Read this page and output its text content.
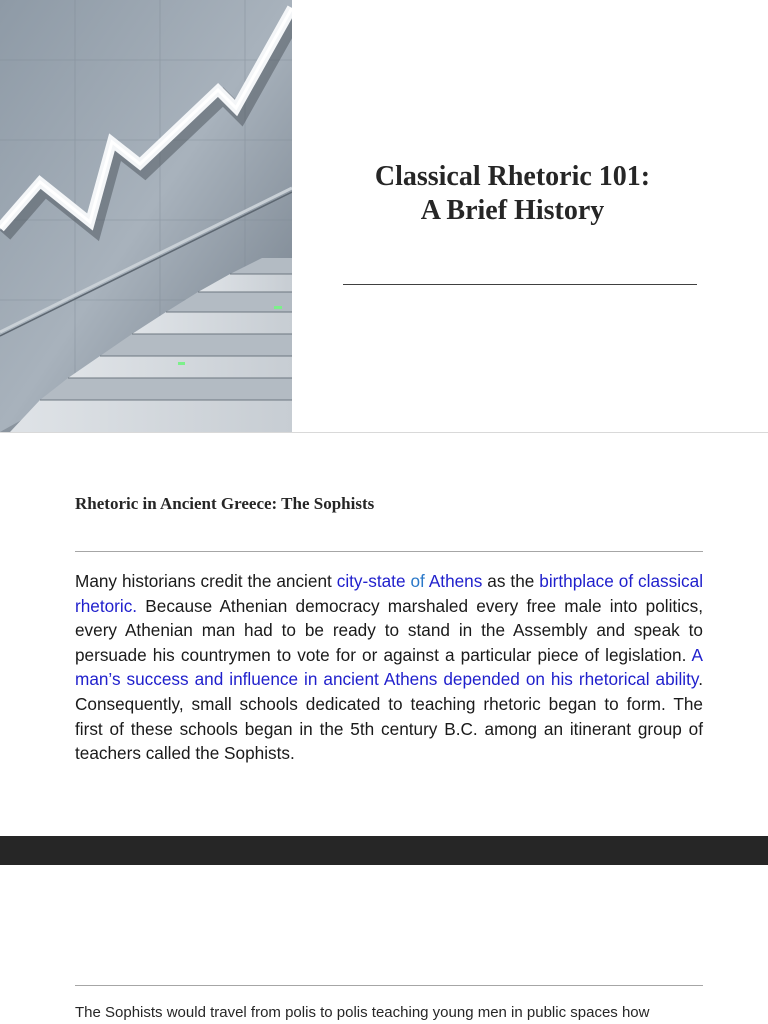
Classical Rhetoric 101:
A Brief History
Rhetoric in Ancient Greece: The Sophists

Many historians credit the ancient city-state of Athens as the birthplace of classical rhetoric. Because Athenian democracy marshaled every free male into politics, every Athenian man had to be ready to stand in the Assembly and speak to persuade his countrymen to vote for or against a particular piece of legislation. A man’s success and influence in ancient Athens depended on his rhetorical ability. Consequently, small schools dedicated to teaching rhetoric began to form. The first of these schools began in the 5th century B.C. among an itinerant group of teachers called the Sophists.

The Sophists would travel from polis to polis teaching young men in public spaces how
